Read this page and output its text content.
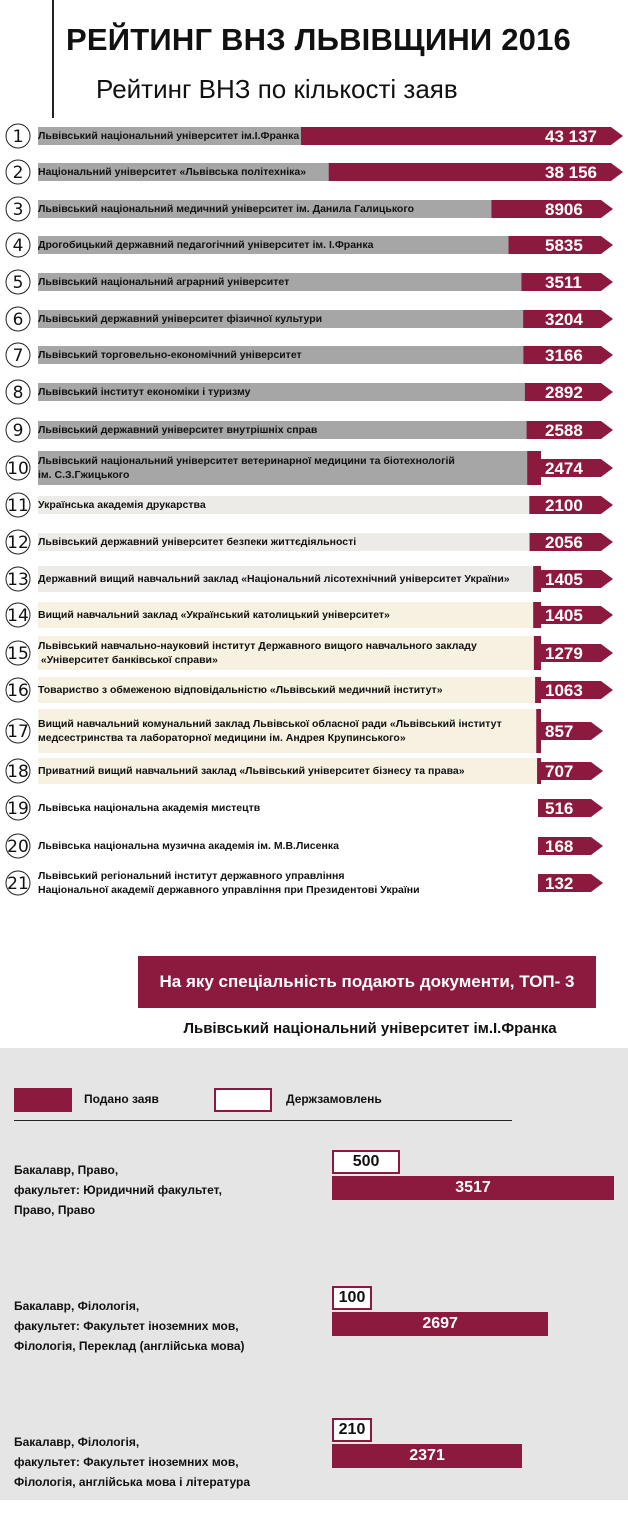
РЕЙТИНГ ВНЗ ЛЬВІВЩИНИ 2016
Рейтинг ВНЗ по кількості заяв
43 137
1 Львівський національний університет ім.І.Франка
38 156
2 Національний університет «Львівська політехніка»
8906
3 Львівський національний медичний університет ім. Данила Галицького
5835
4 Дрогобицький державний педагогічний університет ім. І.Франка
3511
5 Львівський національний аграрний університет
3204
6 Львівський державний університет фізичної культури
3166
7 Львівський торговельно-економічний університет
2892
8 Львівський інститут економіки і туризму
2588
9 Львівський державний університет внутрішніх справ
2474
10 Львівський національний університет ветеринарної медицини та біотехнологій ім. С.З.Гжицького
2100
11 Українська академія друкарства
2056
12 Львівський державний університет безпеки життєдіяльності
1405
13 Державний вищий навчальний заклад «Національний лісотехнічний університет України»
1405
14 Вищий навчальний заклад «Український католицький університет»
1279
15 Львівський навчально-науковий інститут Державного вищого навчального закладу «Університет банківської справи»
1063
16 Товариство з обмеженою відповідальністю «Львівський медичний інститут»
857
17 Вищий навчальний комунальний заклад Львівської обласної ради «Львівський інститут медсестринства та лабораторної медицини ім. Андрея Крупинського»
707
18 Приватний вищий навчальний заклад «Львівський університет бізнесу та права»
516
19 Львівська національна академія мистецтв
168
20 Львівська національна музична академія ім. М.В.Лисенка
132
21 Львівський регіональний інститут державного управління Національної академії державного управління при Президентові України
На яку спеціальність подають документи, ТОП- 3
Львівський національний університет ім.І.Франка
Подано заяв	Держзамовлень
Бакалавр, Право,
факультет: Юридичний факультет,
Право, Право
500
3517
Бакалавр, Філологія,
факультет: Факультет іноземних мов,
Філологія, Переклад (англійська мова)
100
2697
Бакалавр, Філологія,
факультет: Факультет іноземних мов,
Філологія, англійська мова і література
210
2371
